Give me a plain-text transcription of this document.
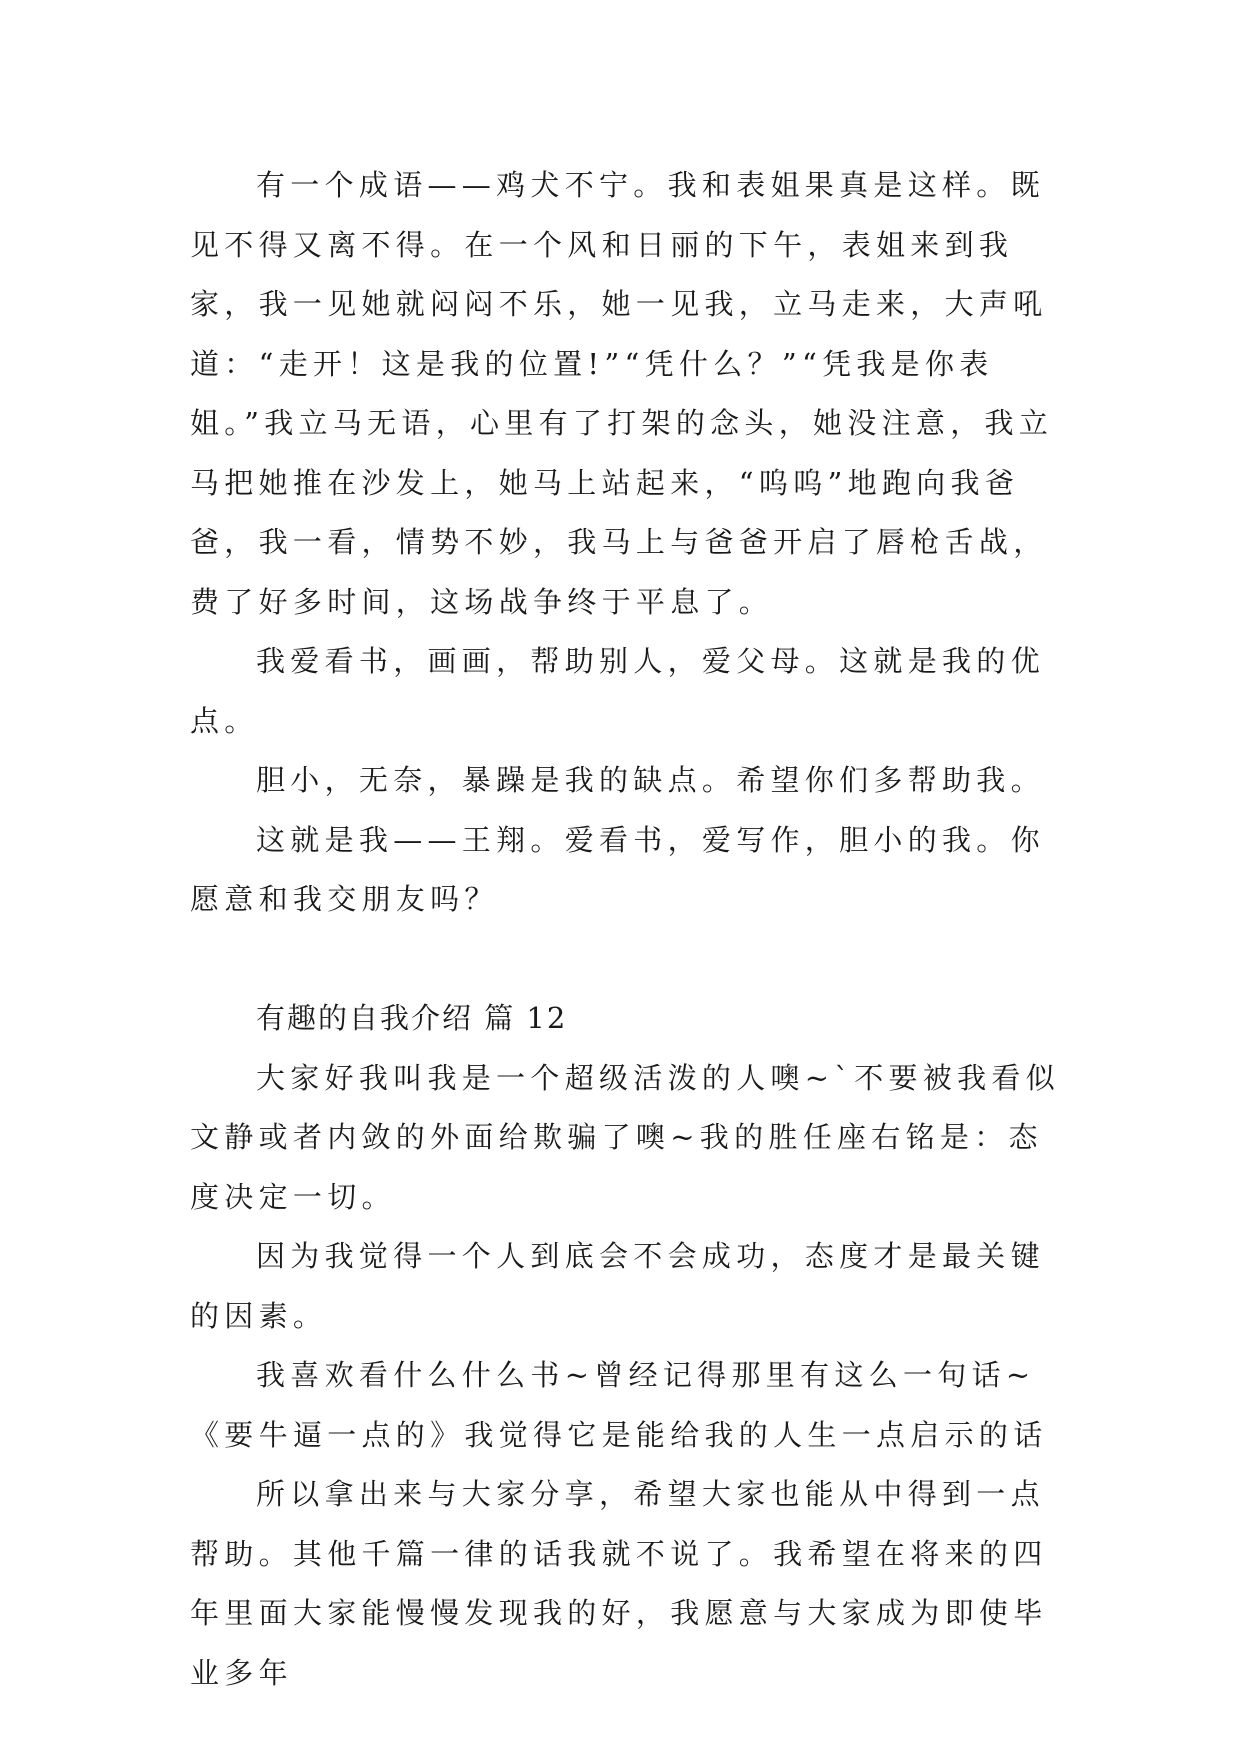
有一个成语——鸡犬不宁。我和表姐果真是这样。既见不得又离不得。在一个风和日丽的下午，表姐来到我家，我一见她就闷闷不乐，她一见我，立马走来，大声吼道：“走开！这是我的位置!”“凭什么？”“凭我是你表姐。”我立马无语，心里有了打架的念头，她没注意，我立马把她推在沙发上，她马上站起来，“呜呜”地跑向我爸爸，我一看，情势不妙，我马上与爸爸开启了唇枪舌战，费了好多时间，这场战争终于平息了。

我爱看书，画画，帮助别人，爱父母。这就是我的优点。

胆小，无奈，暴躁是我的缺点。希望你们多帮助我。

这就是我——王翔。爱看书，爱写作，胆小的我。你愿意和我交朋友吗？

有趣的自我介绍 篇 12

大家好我叫我是一个超级活泼的人噢~`不要被我看似文静或者内敛的外面给欺骗了噢~我的胜任座右铭是：态度决定一切。

因为我觉得一个人到底会不会成功，态度才是最关键的因素。

我喜欢看什么什么书~曾经记得那里有这么一句话~《要牛逼一点的》我觉得它是能给我的人生一点启示的话

所以拿出来与大家分享，希望大家也能从中得到一点帮助。其他千篇一律的话我就不说了。我希望在将来的四年里面大家能慢慢发现我的好，我愿意与大家成为即使毕业多年
